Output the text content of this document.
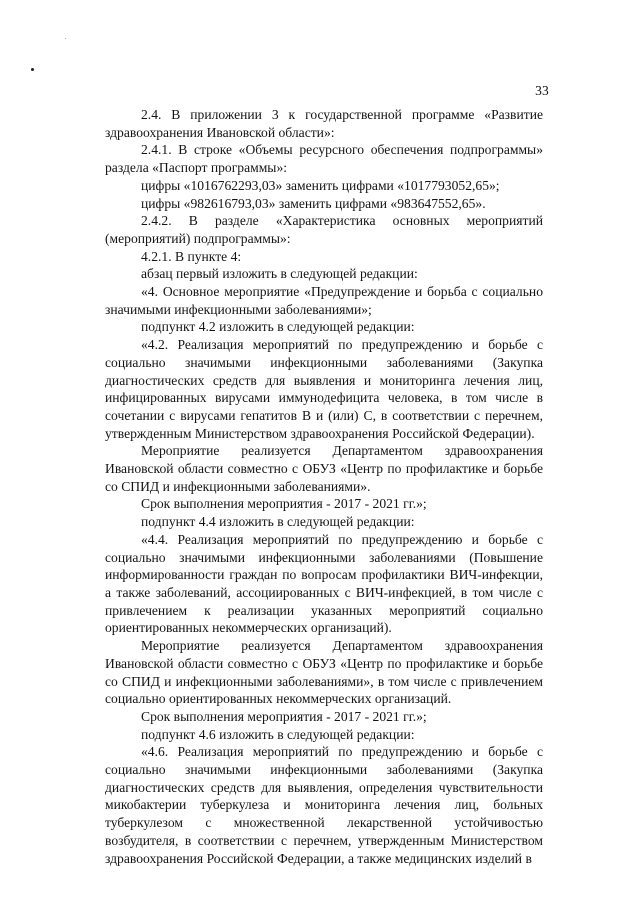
33

2.4. В приложении 3 к государственной программе «Развитие здравоохранения Ивановской области»:

2.4.1. В строке «Объемы ресурсного обеспечения подпрограммы» раздела «Паспорт программы»:

цифры «1016762293,03» заменить цифрами «1017793052,65»;

цифры «982616793,03» заменить цифрами «983647552,65».

2.4.2. В разделе «Характеристика основных мероприятий (мероприятий) подпрограммы»:

4.2.1. В пункте 4:

абзац первый изложить в следующей редакции:

«4. Основное мероприятие «Предупреждение и борьба с социально значимыми инфекционными заболеваниями»;

подпункт 4.2 изложить в следующей редакции:

«4.2. Реализация мероприятий по предупреждению и борьбе с социально значимыми инфекционными заболеваниями (Закупка диагностических средств для выявления и мониторинга лечения лиц, инфицированных вирусами иммунодефицита человека, в том числе в сочетании с вирусами гепатитов В и (или) С, в соответствии с перечнем, утвержденным Министерством здравоохранения Российской Федерации).

Мероприятие реализуется Департаментом здравоохранения Ивановской области совместно с ОБУЗ «Центр по профилактике и борьбе со СПИД и инфекционными заболеваниями».

Срок выполнения мероприятия - 2017 - 2021 гг.»;

подпункт 4.4 изложить в следующей редакции:

«4.4. Реализация мероприятий по предупреждению и борьбе с социально значимыми инфекционными заболеваниями (Повышение информированности граждан по вопросам профилактики ВИЧ-инфекции, а также заболеваний, ассоциированных с ВИЧ-инфекцией, в том числе с привлечением к реализации указанных мероприятий социально ориентированных некоммерческих организаций).

Мероприятие реализуется Департаментом здравоохранения Ивановской области совместно с ОБУЗ «Центр по профилактике и борьбе со СПИД и инфекционными заболеваниями», в том числе с привлечением социально ориентированных некоммерческих организаций.

Срок выполнения мероприятия - 2017 - 2021 гг.»;

подпункт 4.6 изложить в следующей редакции:

«4.6. Реализация мероприятий по предупреждению и борьбе с социально значимыми инфекционными заболеваниями (Закупка диагностических средств для выявления, определения чувствительности микобактерии туберкулеза и мониторинга лечения лиц, больных туберкулезом с множественной лекарственной устойчивостью возбудителя, в соответствии с перечнем, утвержденным Министерством здравоохранения Российской Федерации, а также медицинских изделий в
